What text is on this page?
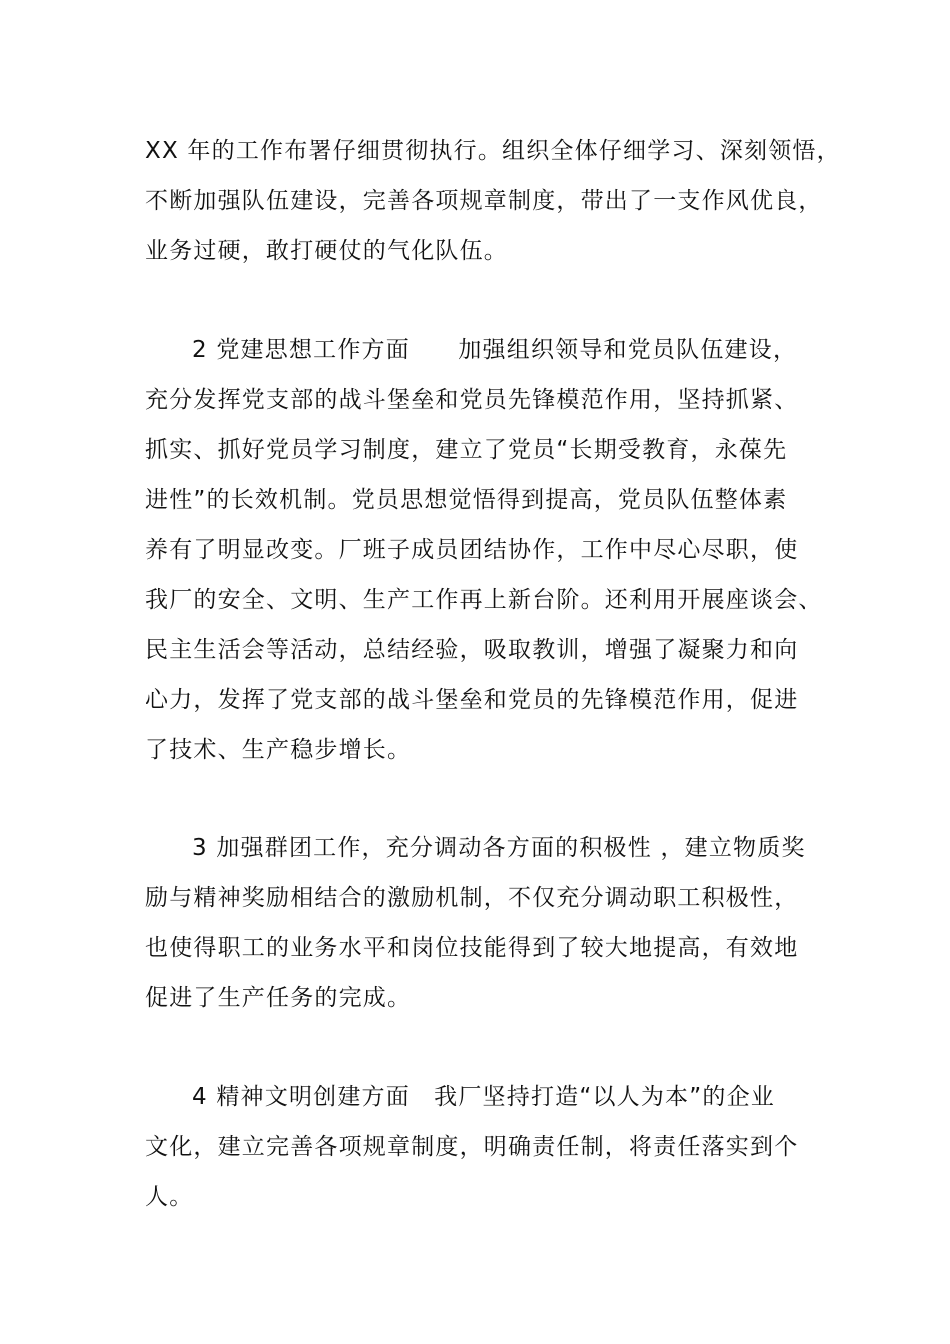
XX 年的工作布署仔细贯彻执行。组织全体仔细学习、深刻领悟，
不断加强队伍建设，完善各项规章制度，带出了一支作风优良，
业务过硬，敢打硬仗的气化队伍。
2 党建思想工作方面　　加强组织领导和党员队伍建设，
充分发挥党支部的战斗堡垒和党员先锋模范作用，坚持抓紧、
抓实、抓好党员学习制度，建立了党员“长期受教育，永葆先
进性”的长效机制。党员思想觉悟得到提高，党员队伍整体素
养有了明显改变。厂班子成员团结协作，工作中尽心尽职，使
我厂的安全、文明、生产工作再上新台阶。还利用开展座谈会、
民主生活会等活动，总结经验，吸取教训，增强了凝聚力和向
心力，发挥了党支部的战斗堡垒和党员的先锋模范作用，促进
了技术、生产稳步增长。
3 加强群团工作，充分调动各方面的积极性 ，建立物质奖
励与精神奖励相结合的激励机制，不仅充分调动职工积极性，
也使得职工的业务水平和岗位技能得到了较大地提高，有效地
促进了生产任务的完成。
4 精神文明创建方面　我厂坚持打造“以人为本”的企业
文化，建立完善各项规章制度，明确责任制，将责任落实到个
人。
